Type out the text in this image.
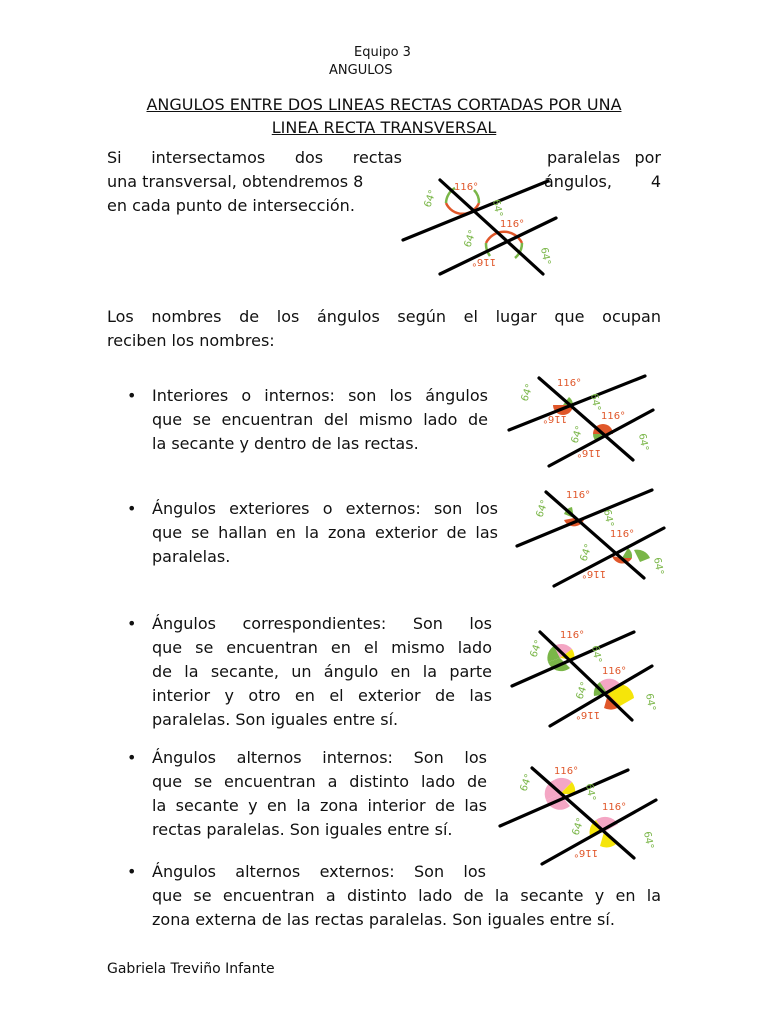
Equipo 3
ANGULOS
ANGULOS ENTRE DOS LINEAS RECTAS CORTADAS POR UNA
LINEA RECTA TRANSVERSAL
Si intersectamos dos rectas	paralelas por
una transversal, obtendremos 8	ángulos, 4
en cada punto de intersección.
Los nombres de los ángulos según el lugar que ocupan
reciben los nombres:
• Interiores o internos: son los ángulos
que se encuentran del mismo lado de
la secante y dentro de las rectas.
• Ángulos exteriores o externos: son los
que se hallan en la zona exterior de las
paralelas.
• Ángulos correspondientes: Son los
que se encuentran en el mismo lado
de la secante, un ángulo en la parte
interior y otro en el exterior de las
paralelas. Son iguales entre sí.
• Ángulos alternos internos: Son los
que se encuentran a distinto lado de
la secante y en la zona interior de las
rectas paralelas. Son iguales entre sí.
• Ángulos alternos externos: Son los
que se encuentran a distinto lado de la secante y en la
zona externa de las rectas paralelas. Son iguales entre sí.
Gabriela Treviño Infante
116°
64°	64°
116°
64°
64°
116°
116°
64°	64°
116°
64°	64°
116°
116°
116°
64°	64°
116°
64°
64°
116°
116°
64°	64°
116°
64°
64°
116°
116°
64°	64°
116°
64°
64°
116°
